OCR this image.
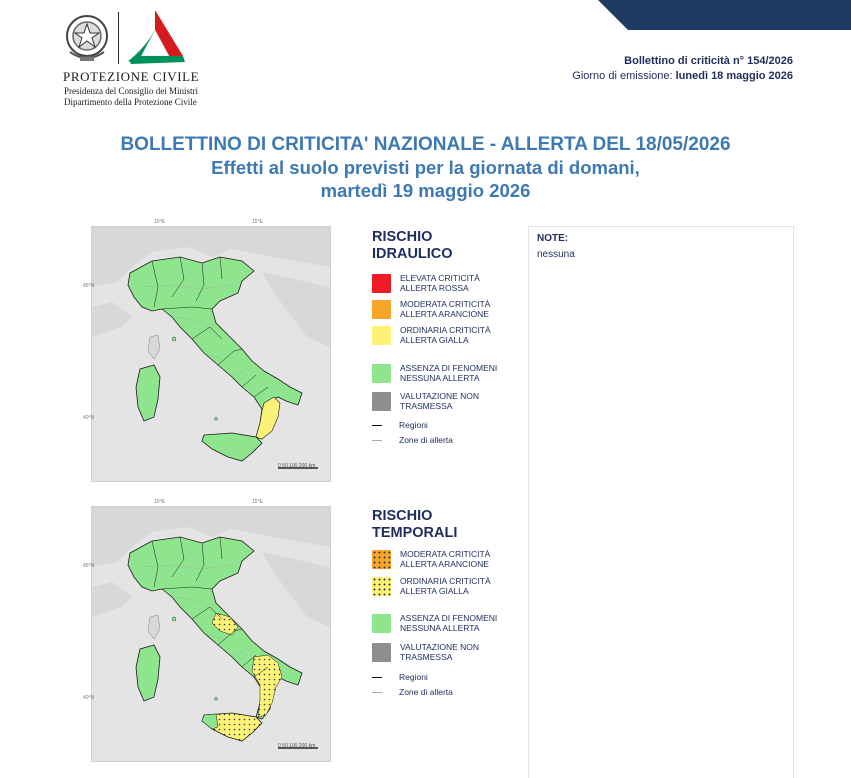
PROTEZIONE CIVILE
Presidenza del Consiglio dei Ministri
Dipartimento della Protezione Civile
Bollettino di criticità n° 154/2026
Giorno di emissione: lunedì 18 maggio 2026
BOLLETTINO DI CRITICITA' NAZIONALE - ALLERTA DEL 18/05/2026
Effetti al suolo previsti per la giornata di domani,
martedì 19 maggio 2026
10°E	15°E
45°N
40°N
0 50 100 200 km
RISCHIO
IDRAULICO
ELEVATA CRITICITÀ
ALLERTA ROSSA
MODERATA CRITICITÀ
ALLERTA ARANCIONE
ORDINARIA CRITICITÀ
ALLERTA GIALLA
ASSENZA DI FENOMENI
NESSUNA ALLERTA
VALUTAZIONE NON
TRASMESSA
Regioni
Zone di allerta
10°E	15°E
45°N
40°N
0 50 100 200 km
RISCHIO
TEMPORALI
MODERATA CRITICITÀ
ALLERTA ARANCIONE
ORDINARIA CRITICITÀ
ALLERTA GIALLA
ASSENZA DI FENOMENI
NESSUNA ALLERTA
VALUTAZIONE NON
TRASMESSA
Regioni
Zone di allerta
NOTE:
nessuna
